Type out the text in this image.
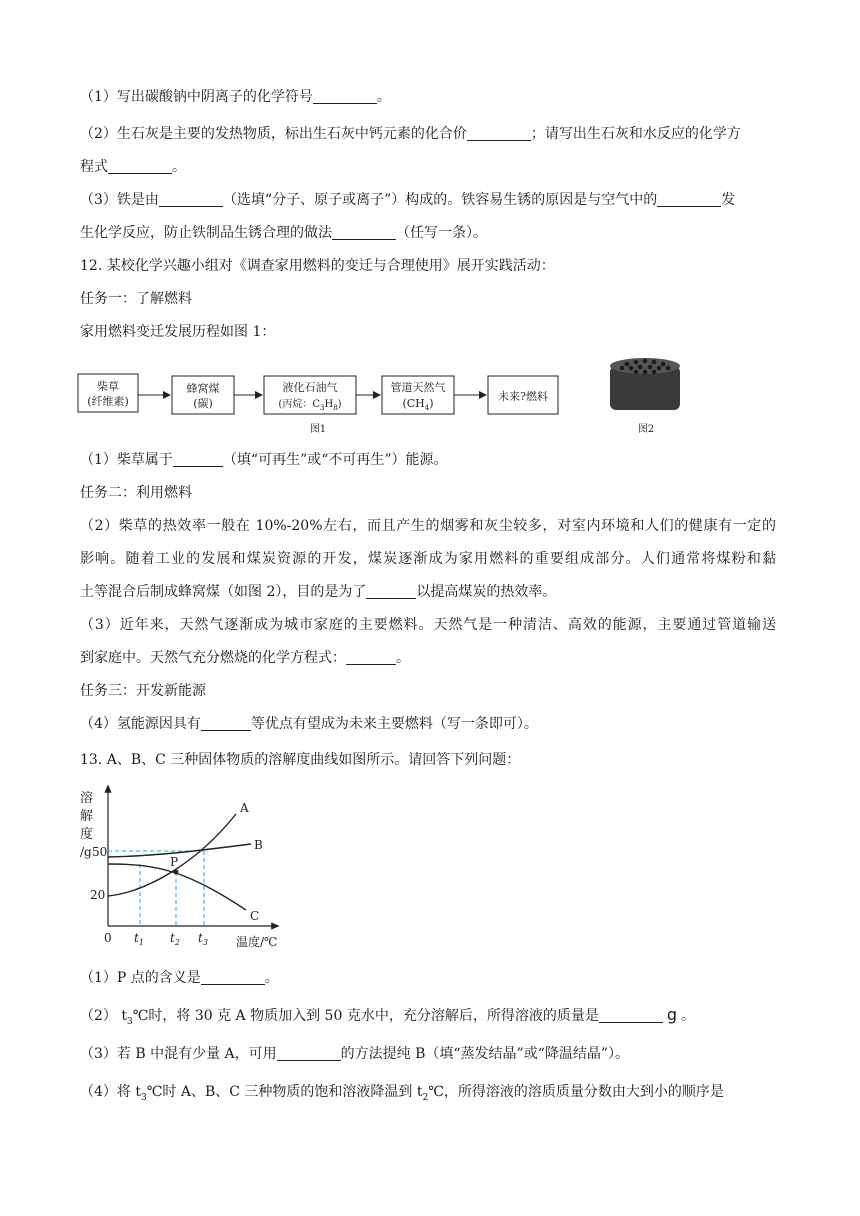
（1）写出碳酸钠中阴离子的化学符号	。
（2）生石灰是主要的发热物质，标出生石灰中钙元素的化合价	；请写出生石灰和水反应的化学方
程式	。
（3）铁是由	（选填“分子、原子或离子”）构成的。铁容易生锈的原因是与空气中的	发
生化学反应，防止铁制品生锈合理的做法	（任写一条）。
12. 某校化学兴趣小组对《调查家用燃料的变迁与合理使用》展开实践活动：
任务一：了解燃料
家用燃料变迁发展历程如图 1：
柴草
(纤维素)
蜂窝煤
(碳)
液化石油气
(丙烷：$C_3H_8$)
管道天然气
$(CH_4)$
未来?燃料
图1	图2
（1）柴草属于	（填“可再生”或“不可再生”）能源。
任务二：利用燃料
（2）柴草的热效率一般在 10%-20%左右，而且产生的烟雾和灰尘较多，对室内环境和人们的健康有一定的
影响。随着工业的发展和煤炭资源的开发，煤炭逐渐成为家用燃料的重要组成部分。人们通常将煤粉和黏
土等混合后制成蜂窝煤（如图 2），目的是为了	以提高煤炭的热效率。
（3）近年来，天然气逐渐成为城市家庭的主要燃料。天然气是一种清洁、高效的能源，主要通过管道输送
到家庭中。天然气充分燃烧的化学方程式：	。
任务三：开发新能源
（4）氢能源因具有	等优点有望成为未来主要燃料（写一条即可）。
13. A、B、C 三种固体物质的溶解度曲线如图所示。请回答下列问题：
溶
解
度
/g 50
20
0 $t_1$ $t_2$ $t_3$ 温度/℃
A
B
C
P
（1）P 点的含义是	。
（2） $t_3℃$时，将 30 克 A 物质加入到 50 克水中，充分溶解后，所得溶液的质量是	g 。
（3）若 B 中混有少量 A，可用	的方法提纯 B（填“蒸发结晶”或“降温结晶”）。
（4）将 $t_3℃$时 A、B、C 三种物质的饱和溶液降温到 $t_2℃$，所得溶液的溶质质量分数由大到小的顺序是
